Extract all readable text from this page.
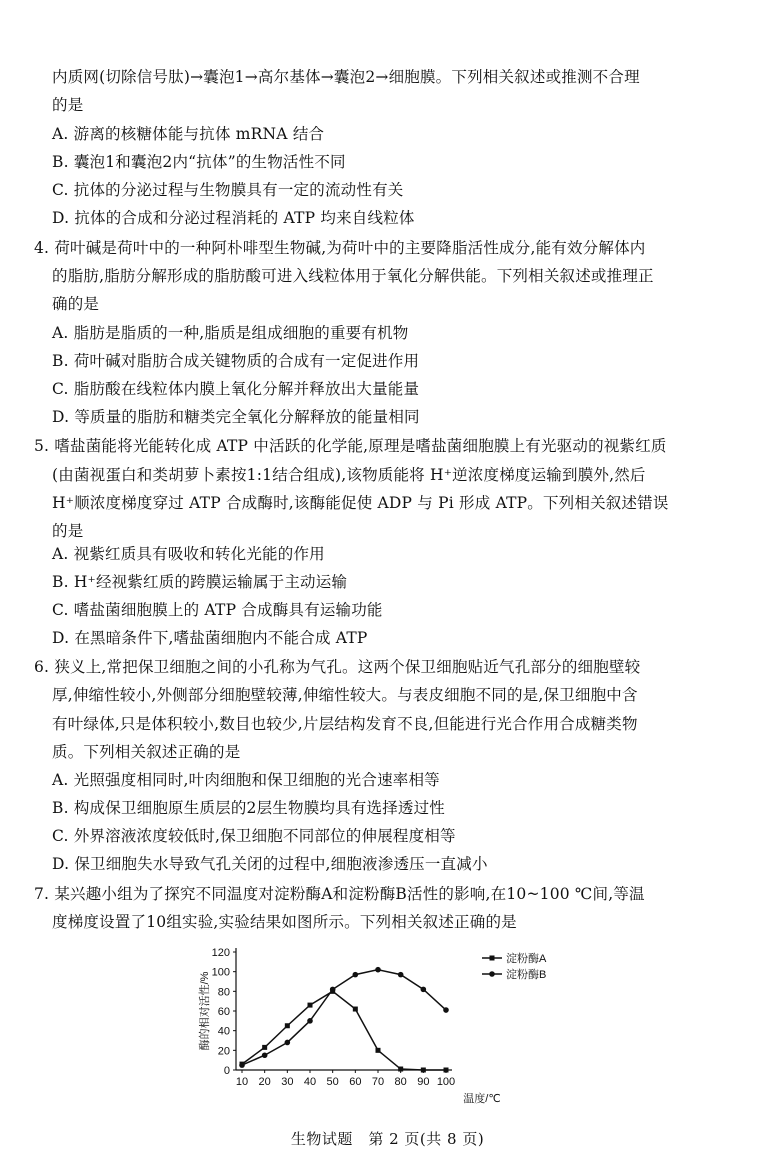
内质网(切除信号肽)→囊泡1→高尔基体→囊泡2→细胞膜。下列相关叙述或推测不合理
的是
A. 游离的核糖体能与抗体 mRNA 结合
B. 囊泡1和囊泡2内“抗体”的生物活性不同
C. 抗体的分泌过程与生物膜具有一定的流动性有关
D. 抗体的合成和分泌过程消耗的 ATP 均来自线粒体
4. 荷叶碱是荷叶中的一种阿朴啡型生物碱,为荷叶中的主要降脂活性成分,能有效分解体内
的脂肪,脂肪分解形成的脂肪酸可进入线粒体用于氧化分解供能。下列相关叙述或推理正
确的是
A. 脂肪是脂质的一种,脂质是组成细胞的重要有机物
B. 荷叶碱对脂肪合成关键物质的合成有一定促进作用
C. 脂肪酸在线粒体内膜上氧化分解并释放出大量能量
D. 等质量的脂肪和糖类完全氧化分解释放的能量相同
5. 嗜盐菌能将光能转化成 ATP 中活跃的化学能,原理是嗜盐菌细胞膜上有光驱动的视紫红质
(由菌视蛋白和类胡萝卜素按1:1结合组成),该物质能将 H⁺逆浓度梯度运输到膜外,然后
H⁺顺浓度梯度穿过 ATP 合成酶时,该酶能促使 ADP 与 Pi 形成 ATP。下列相关叙述错误
的是
A. 视紫红质具有吸收和转化光能的作用
B. H⁺经视紫红质的跨膜运输属于主动运输
C. 嗜盐菌细胞膜上的 ATP 合成酶具有运输功能
D. 在黑暗条件下,嗜盐菌细胞内不能合成 ATP
6. 狭义上,常把保卫细胞之间的小孔称为气孔。这两个保卫细胞贴近气孔部分的细胞壁较
厚,伸缩性较小,外侧部分细胞壁较薄,伸缩性较大。与表皮细胞不同的是,保卫细胞中含
有叶绿体,只是体积较小,数目也较少,片层结构发育不良,但能进行光合作用合成糖类物
质。下列相关叙述正确的是
A. 光照强度相同时,叶肉细胞和保卫细胞的光合速率相等
B. 构成保卫细胞原生质层的2层生物膜均具有选择透过性
C. 外界溶液浓度较低时,保卫细胞不同部位的伸展程度相等
D. 保卫细胞失水导致气孔关闭的过程中,细胞液渗透压一直减小
7. 某兴趣小组为了探究不同温度对淀粉酶A和淀粉酶B活性的影响,在10~100 ℃间,等温
度梯度设置了10组实验,实验结果如图所示。下列相关叙述正确的是
0
20
40
60
80
100
120
10 20 30 40 50 60 70 80 90 100
温度/℃
酶的相对活性/%
淀粉酶A
淀粉酶B
生物试题　第 2 页(共 8 页)
